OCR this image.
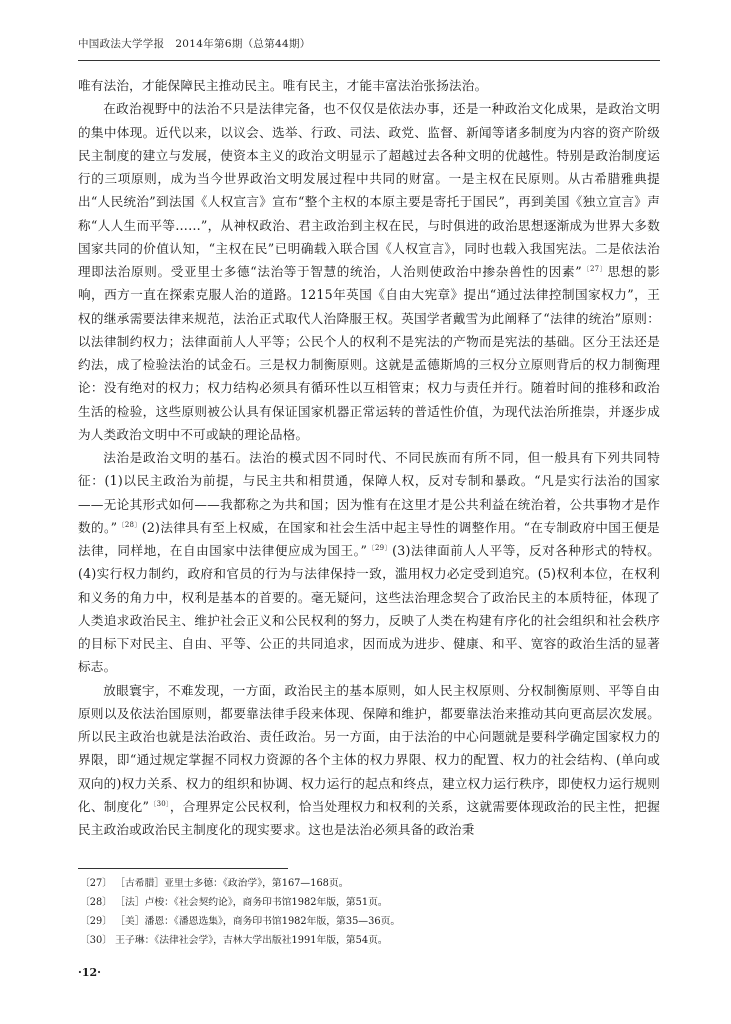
中国政法大学学报 2014年第6期（总第44期）

唯有法治，才能保障民主推动民主。唯有民主，才能丰富法治张扬法治。

在政治视野中的法治不只是法律完备，也不仅仅是依法办事，还是一种政治文化成果，是政治文明的集中体现。近代以来，以议会、选举、行政、司法、政党、监督、新闻等诸多制度为内容的资产阶级民主制度的建立与发展，使资本主义的政治文明显示了超越过去各种文明的优越性。特别是政治制度运行的三项原则，成为当今世界政治文明发展过程中共同的财富。一是主权在民原则。从古希腊雅典提出“人民统治”到法国《人权宣言》宣布“整个主权的本原主要是寄托于国民”，再到美国《独立宣言》声称“人人生而平等……”，从神权政治、君主政治到主权在民，与时俱进的政治思想逐渐成为世界大多数国家共同的价值认知，“主权在民”已明确载入联合国《人权宣言》，同时也载入我国宪法。二是依法治理即法治原则。受亚里士多德“法治等于智慧的统治，人治则使政治中掺杂兽性的因素”$^{〔27〕}$思想的影响，西方一直在探索克服人治的道路。1215年英国《自由大宪章》提出“通过法律控制国家权力”，王权的继承需要法律来规范，法治正式取代人治降服王权。英国学者戴雪为此阐释了“法律的统治”原则：以法律制约权力；法律面前人人平等；公民个人的权利不是宪法的产物而是宪法的基础。区分王法还是约法，成了检验法治的试金石。三是权力制衡原则。这就是孟德斯鸠的三权分立原则背后的权力制衡理论：没有绝对的权力；权力结构必须具有循环性以互相管束；权力与责任并行。随着时间的推移和政治生活的检验，这些原则被公认具有保证国家机器正常运转的普适性价值，为现代法治所推崇，并逐步成为人类政治文明中不可或缺的理论品格。

法治是政治文明的基石。法治的模式因不同时代、不同民族而有所不同，但一般具有下列共同特征：(1)以民主政治为前提，与民主共和相贯通，保障人权，反对专制和暴政。“凡是实行法治的国家——无论其形式如何——我都称之为共和国；因为惟有在这里才是公共利益在统治着，公共事物才是作数的。”$^{〔28〕}$(2)法律具有至上权威，在国家和社会生活中起主导性的调整作用。“在专制政府中国王便是法律，同样地，在自由国家中法律便应成为国王。”$^{〔29〕}$(3)法律面前人人平等，反对各种形式的特权。(4)实行权力制约，政府和官员的行为与法律保持一致，滥用权力必定受到追究。(5)权利本位，在权利和义务的角力中，权利是基本的首要的。毫无疑问，这些法治理念契合了政治民主的本质特征，体现了人类追求政治民主、维护社会正义和公民权利的努力，反映了人类在构建有序化的社会组织和社会秩序的目标下对民主、自由、平等、公正的共同追求，因而成为进步、健康、和平、宽容的政治生活的显著标志。

放眼寰宇，不难发现，一方面，政治民主的基本原则，如人民主权原则、分权制衡原则、平等自由原则以及依法治国原则，都要靠法律手段来体现、保障和维护，都要靠法治来推动其向更高层次发展。所以民主政治也就是法治政治、责任政治。另一方面，由于法治的中心问题就是要科学确定国家权力的界限，即“通过规定掌握不同权力资源的各个主体的权力界限、权力的配置、权力的社会结构、(单向或双向的)权力关系、权力的组织和协调、权力运行的起点和终点，建立权力运行秩序，即使权力运行规则化、制度化”$^{〔30〕}$，合理界定公民权利，恰当处理权力和权利的关系，这就需要体现政治的民主性，把握民主政治或政治民主制度化的现实要求。这也是法治必须具备的政治秉

〔27〕 ［古希腊］亚里士多德：《政治学》，第167—168页。
〔28〕 ［法］卢梭：《社会契约论》，商务印书馆1982年版，第51页。
〔29〕 ［美］潘恩：《潘恩选集》，商务印书馆1982年版，第35—36页。
〔30〕 王子琳：《法律社会学》，吉林大学出版社1991年版，第54页。
·12·
